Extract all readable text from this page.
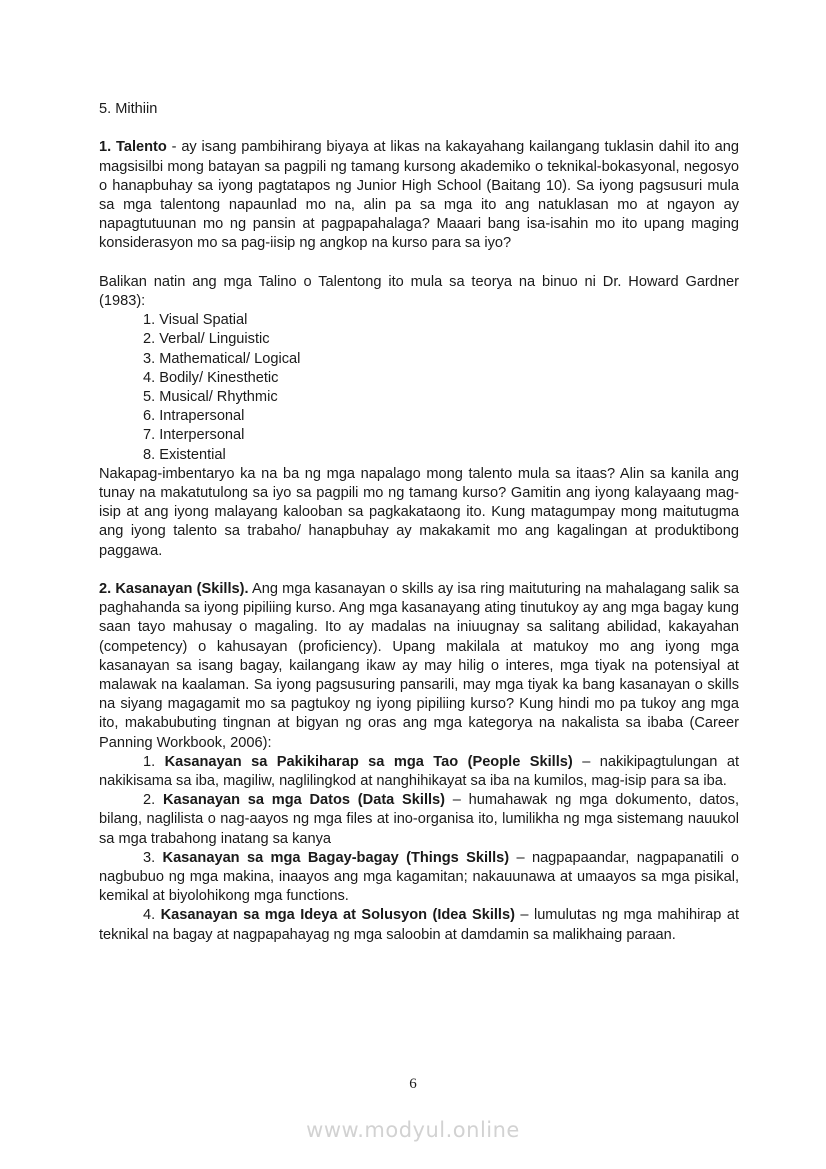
5. Mithiin

1. Talento - ay isang pambihirang biyaya at likas na kakayahang kailangang tuklasin dahil ito ang magsisilbi mong batayan sa pagpili ng tamang kursong akademiko o teknikal-bokasyonal, negosyo o hanapbuhay sa iyong pagtatapos ng Junior High School (Baitang 10). Sa iyong pagsusuri mula sa mga talentong napaunlad mo na, alin pa sa mga ito ang natuklasan mo at ngayon ay napagtutuunan mo ng pansin at pagpapahalaga? Maaari bang isa-isahin mo ito upang maging konsiderasyon mo sa pag-iisip ng angkop na kurso para sa iyo?

Balikan natin ang mga Talino o Talentong ito mula sa teorya na binuo ni Dr. Howard Gardner (1983):

1. Visual Spatial
2. Verbal/ Linguistic
3. Mathematical/ Logical
4. Bodily/ Kinesthetic
5. Musical/ Rhythmic
6. Intrapersonal
7. Interpersonal
8. Existential

Nakapag-imbentaryo ka na ba ng mga napalago mong talento mula sa itaas? Alin sa kanila ang tunay na makatutulong sa iyo sa pagpili mo ng tamang kurso? Gamitin ang iyong kalayaang mag-isip at ang iyong malayang kalooban sa pagkakataong ito. Kung matagumpay mong maitutugma ang iyong talento sa trabaho/ hanapbuhay ay makakamit mo ang kagalingan at produktibong paggawa.

2. Kasanayan (Skills). Ang mga kasanayan o skills ay isa ring maituturing na mahalagang salik sa paghahanda sa iyong pipiliing kurso. Ang mga kasanayang ating tinutukoy ay ang mga bagay kung saan tayo mahusay o magaling. Ito ay madalas na iniuugnay sa salitang abilidad, kakayahan (competency) o kahusayan (proficiency). Upang makilala at matukoy mo ang iyong mga kasanayan sa isang bagay, kailangang ikaw ay may hilig o interes, mga tiyak na potensiyal at malawak na kaalaman. Sa iyong pagsusuring pansarili, may mga tiyak ka bang kasanayan o skills na siyang magagamit mo sa pagtukoy ng iyong pipiliing kurso? Kung hindi mo pa tukoy ang mga ito, makabubuting tingnan at bigyan ng oras ang mga kategorya na nakalista sa ibaba (Career Panning Workbook, 2006):

1. Kasanayan sa Pakikiharap sa mga Tao (People Skills) – nakikipagtulungan at nakikisama sa iba, magiliw, naglilingkod at nanghihikayat sa iba na kumilos, mag-isip para sa iba.

2. Kasanayan sa mga Datos (Data Skills) – humahawak ng mga dokumento, datos, bilang, naglilista o nag-aayos ng mga files at ino-organisa ito, lumilikha ng mga sistemang nauukol sa mga trabahong inatang sa kanya

3. Kasanayan sa mga Bagay-bagay (Things Skills) – nagpapaandar, nagpapanatili o nagbubuo ng mga makina, inaayos ang mga kagamitan; nakauunawa at umaayos sa mga pisikal, kemikal at biyolohikong mga functions.

4. Kasanayan sa mga Ideya at Solusyon (Idea Skills) – lumulutas ng mga mahihirap at teknikal na bagay at nagpapahayag ng mga saloobin at damdamin sa malikhaing paraan.

6
www.modyul.online
